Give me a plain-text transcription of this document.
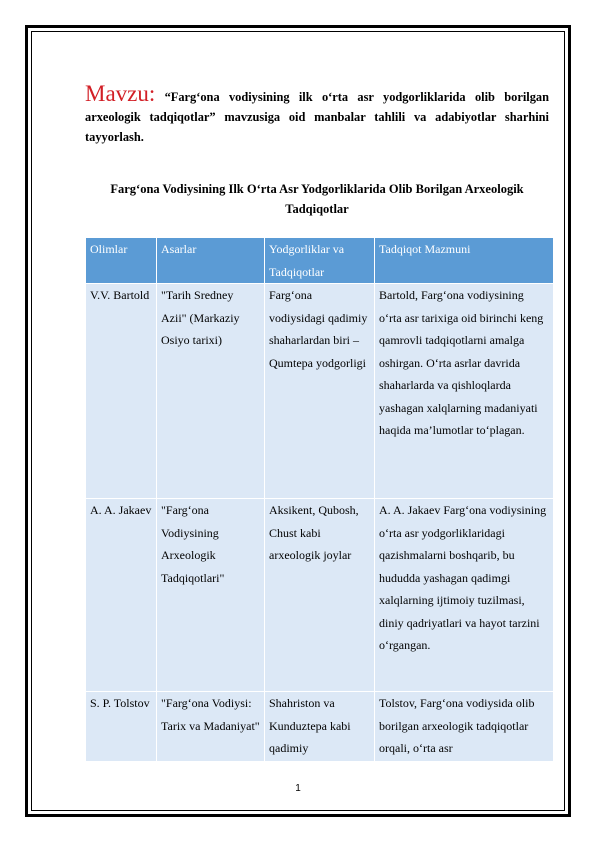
Mavzu: “Farg‘ona vodiysining ilk o‘rta asr yodgorliklarida olib borilgan arxeologik tadqiqotlar” mavzusiga oid manbalar tahlili va adabiyotlar sharhini tayyorlash.
Farg‘ona Vodiysining Ilk O‘rta Asr Yodgorliklarida Olib Borilgan Arxeologik Tadqiqotlar
Olimlar	Asarlar	Yodgorliklar va Tadqiqotlar	Tadqiqot Mazmuni
V.V. Bartold	"Tarih Sredney Azii" (Markaziy Osiyo tarixi)	Farg‘ona vodiysidagi qadimiy shaharlardan biri – Qumtepa yodgorligi	Bartold, Farg‘ona vodiysining o‘rta asr tarixiga oid birinchi keng qamrovli tadqiqotlarni amalga oshirgan. O‘rta asrlar davrida shaharlarda va qishloqlarda yashagan xalqlarning madaniyati haqida ma’lumotlar to‘plagan.
A. A. Jakaev	"Farg‘ona Vodiysining Arxeologik Tadqiqotlari"	Aksikent, Qubosh, Chust kabi arxeologik joylar	A. A. Jakaev Farg‘ona vodiysining o‘rta asr yodgorliklaridagi qazishmalarni boshqarib, bu hududda yashagan qadimgi xalqlarning ijtimoiy tuzilmasi, diniy qadriyatlari va hayot tarzini o‘rgangan.
S. P. Tolstov	"Farg‘ona Vodiysi: Tarix va Madaniyat"	Shahriston va Kunduztepa kabi qadimiy	Tolstov, Farg‘ona vodiysida olib borilgan arxeologik tadqiqotlar orqali, o‘rta asr
1
